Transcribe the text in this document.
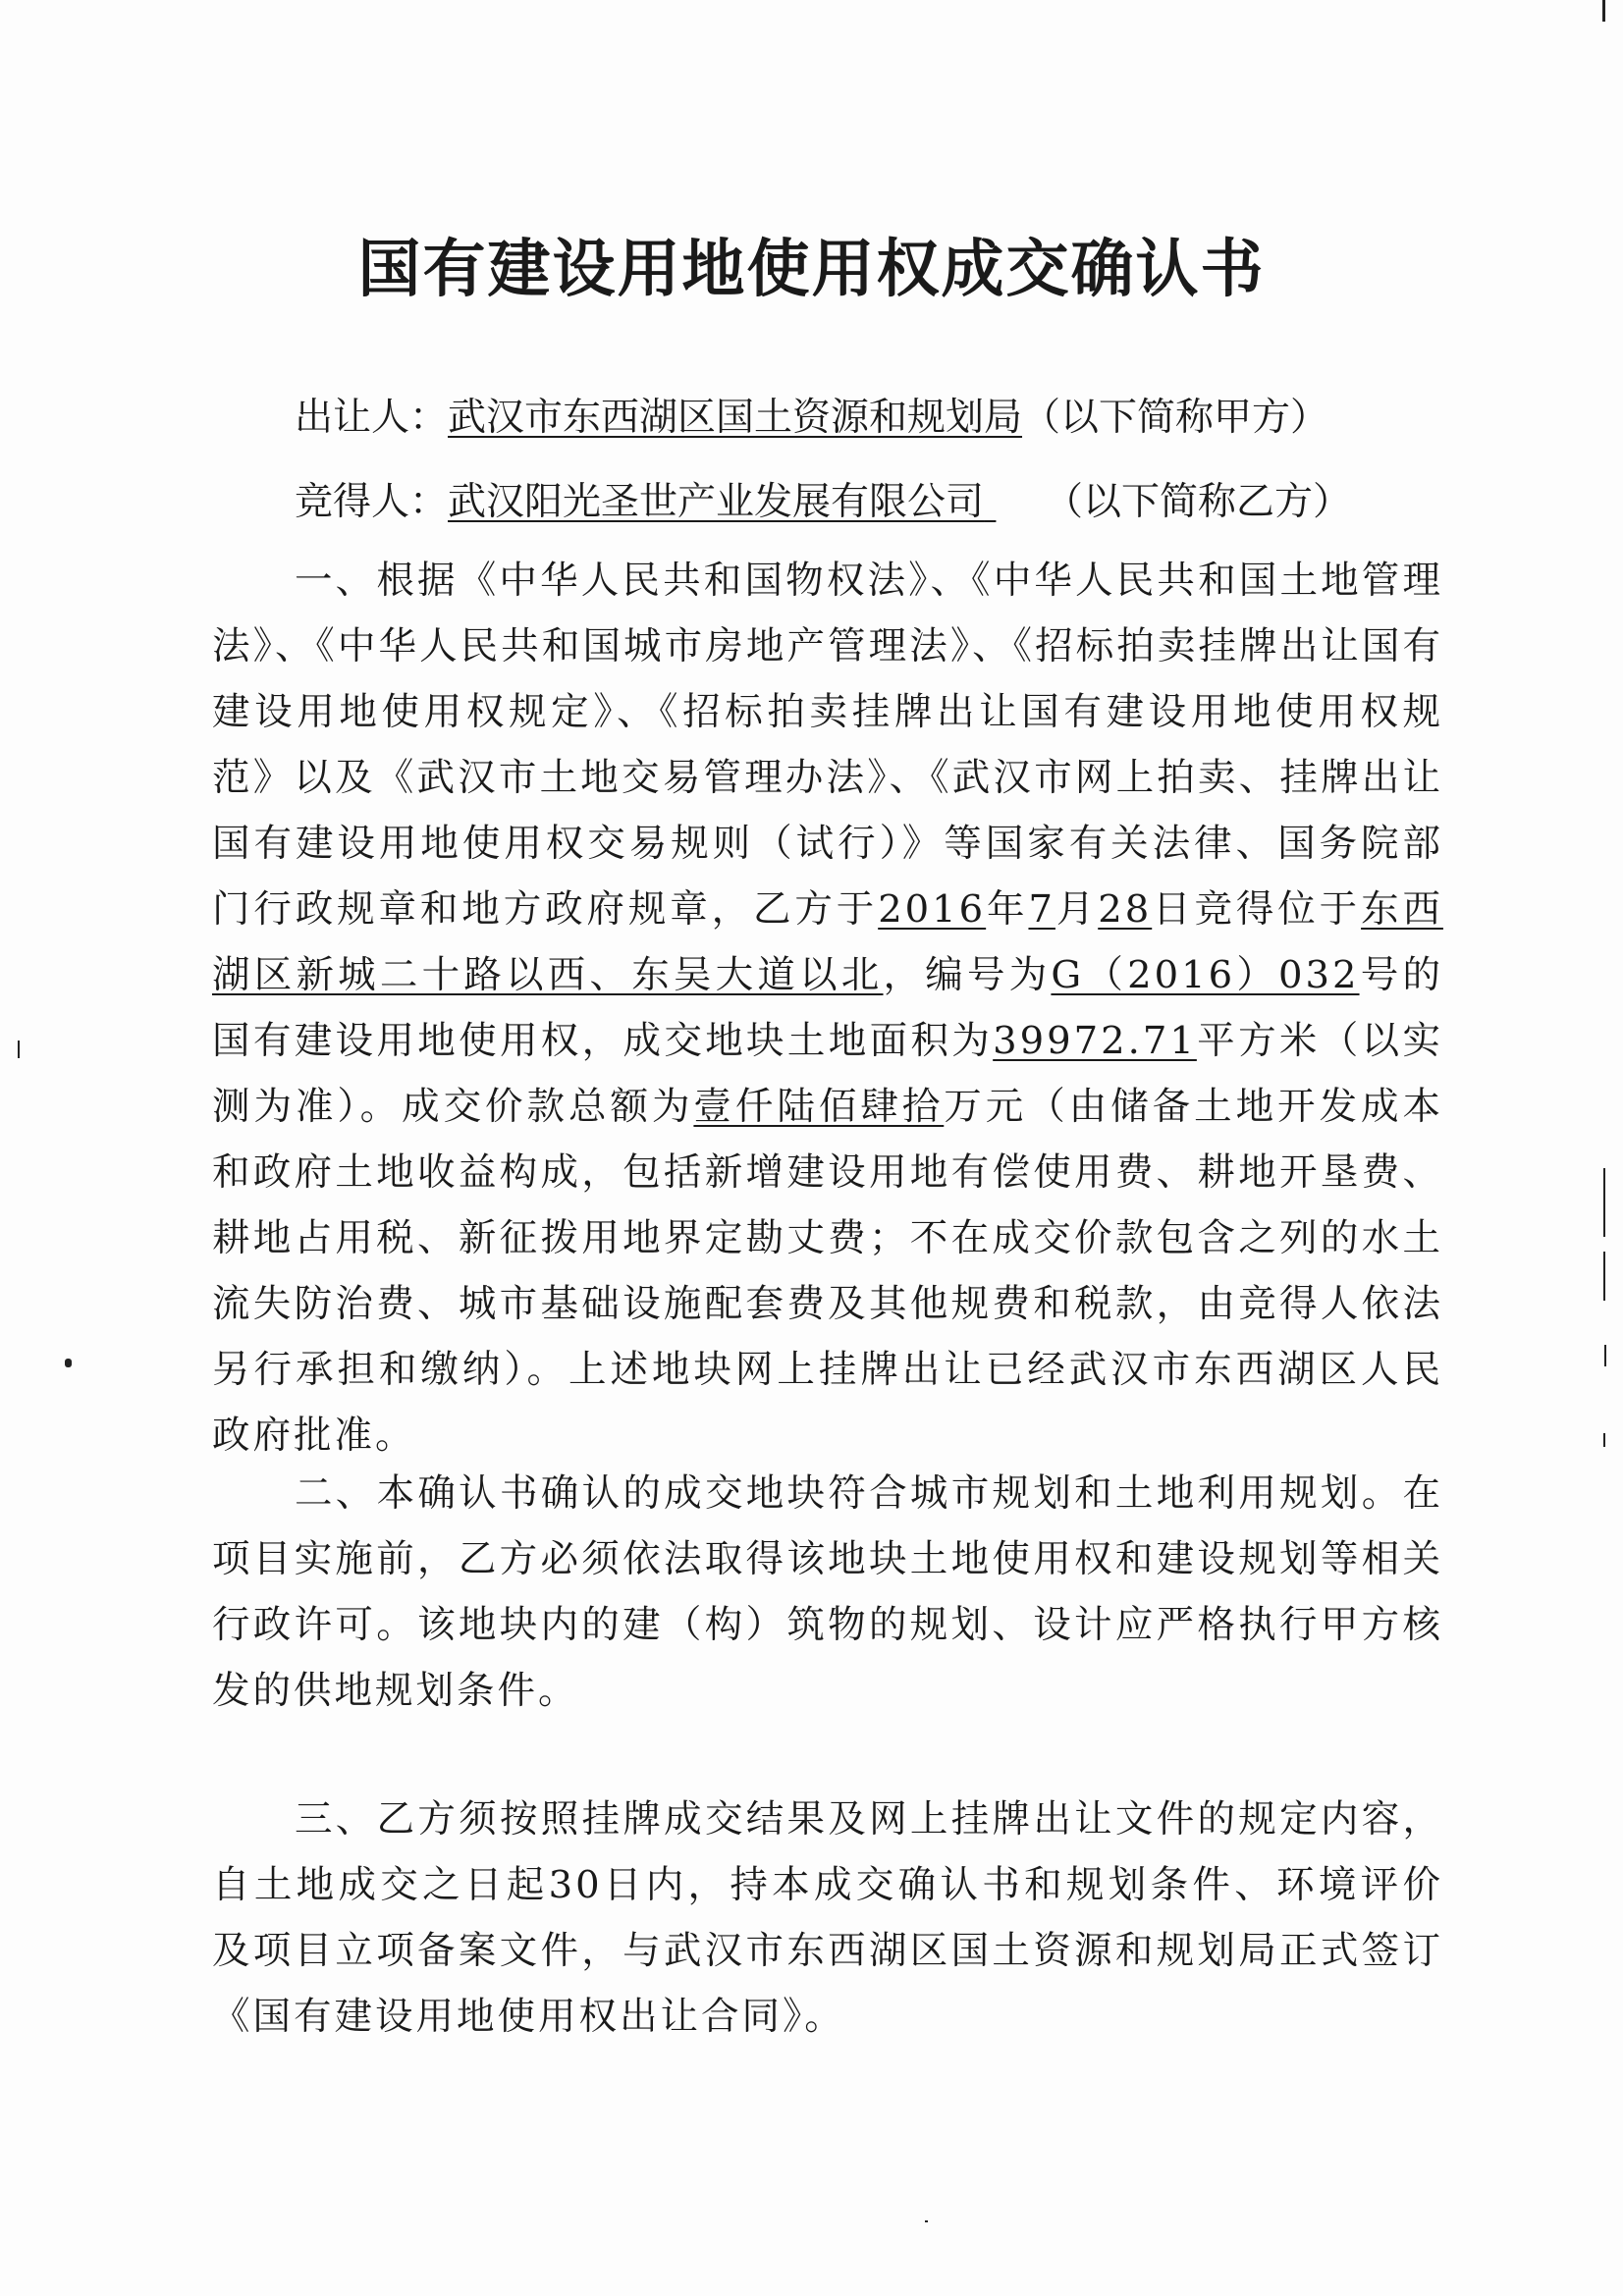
国有建设用地使用权成交确认书
出让人：武汉市东西湖区国土资源和规划局（以下简称甲方）
竞得人：武汉阳光圣世产业发展有限公司 （以下简称乙方）

一、根据《中华人民共和国物权法》、《中华人民共和国土地管理法》、《中华人民共和国城市房地产管理法》、《招标拍卖挂牌出让国有建设用地使用权规定》、《招标拍卖挂牌出让国有建设用地使用权规范》以及《武汉市土地交易管理办法》、《武汉市网上拍卖、挂牌出让国有建设用地使用权交易规则（试行）》等国家有关法律、国务院部门行政规章和地方政府规章，乙方于2016年7月28日竞得位于东西湖区新城二十路以西、东吴大道以北，编号为G（2016）032号的国有建设用地使用权，成交地块土地面积为39972.71平方米（以实测为准）。成交价款总额为壹仟陆佰肆拾万元（由储备土地开发成本和政府土地收益构成，包括新增建设用地有偿使用费、耕地开垦费、耕地占用税、新征拨用地界定勘丈费；不在成交价款包含之列的水土流失防治费、城市基础设施配套费及其他规费和税款，由竞得人依法另行承担和缴纳）。上述地块网上挂牌出让已经武汉市东西湖区人民政府批准。

二、本确认书确认的成交地块符合城市规划和土地利用规划。在项目实施前，乙方必须依法取得该地块土地使用权和建设规划等相关行政许可。该地块内的建（构）筑物的规划、设计应严格执行甲方核发的供地规划条件。

三、乙方须按照挂牌成交结果及网上挂牌出让文件的规定内容，自土地成交之日起30日内，持本成交确认书和规划条件、环境评价及项目立项备案文件，与武汉市东西湖区国土资源和规划局正式签订《国有建设用地使用权出让合同》。
